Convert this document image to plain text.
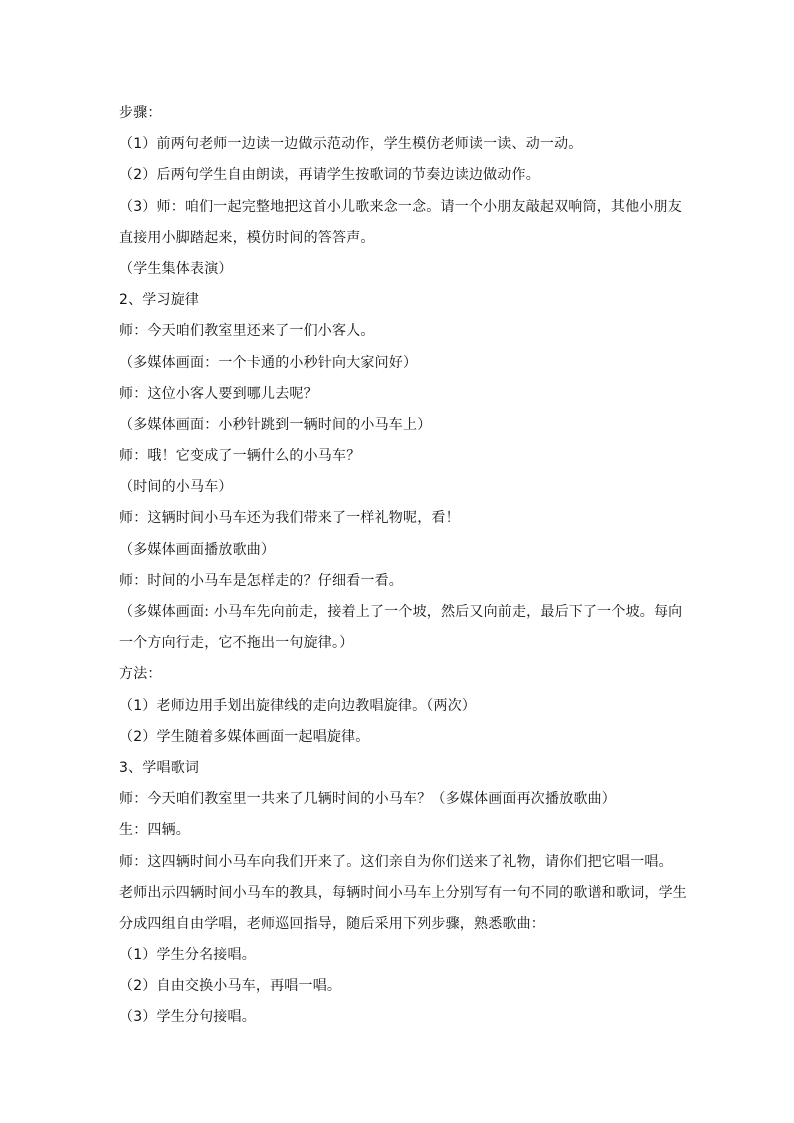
步骤：
（1）前两句老师一边读一边做示范动作，学生模仿老师读一读、动一动。
（2）后两句学生自由朗读，再请学生按歌词的节奏边读边做动作。
（3）师：咱们一起完整地把这首小儿歌来念一念。请一个小朋友敲起双响筒，其他小朋友
直接用小脚踏起来，模仿时间的答答声。
（学生集体表演）
2、学习旋律
师：今天咱们教室里还来了一们小客人。
（多媒体画面：一个卡通的小秒针向大家问好）
师：这位小客人要到哪儿去呢？
（多媒体画面：小秒针跳到一辆时间的小马车上）
师：哦！它变成了一辆什么的小马车？
（时间的小马车）
师：这辆时间小马车还为我们带来了一样礼物呢，看！
（多媒体画面播放歌曲）
师：时间的小马车是怎样走的？仔细看一看。
（多媒体画面: 小马车先向前走，接着上了一个坡，然后又向前走，最后下了一个坡。每向
一个方向行走，它不拖出一句旋律。）
方法：
（1）老师边用手划出旋律线的走向边教唱旋律。（两次）
（2）学生随着多媒体画面一起唱旋律。
3、学唱歌词
师：今天咱们教室里一共来了几辆时间的小马车？（多媒体画面再次播放歌曲）
生：四辆。
师：这四辆时间小马车向我们开来了。这们亲自为你们送来了礼物，请你们把它唱一唱。
老师出示四辆时间小马车的教具，每辆时间小马车上分别写有一句不同的歌谱和歌词，学生
分成四组自由学唱，老师巡回指导，随后采用下列步骤，熟悉歌曲：
（1）学生分名接唱。
（2）自由交换小马车，再唱一唱。
（3）学生分句接唱。
